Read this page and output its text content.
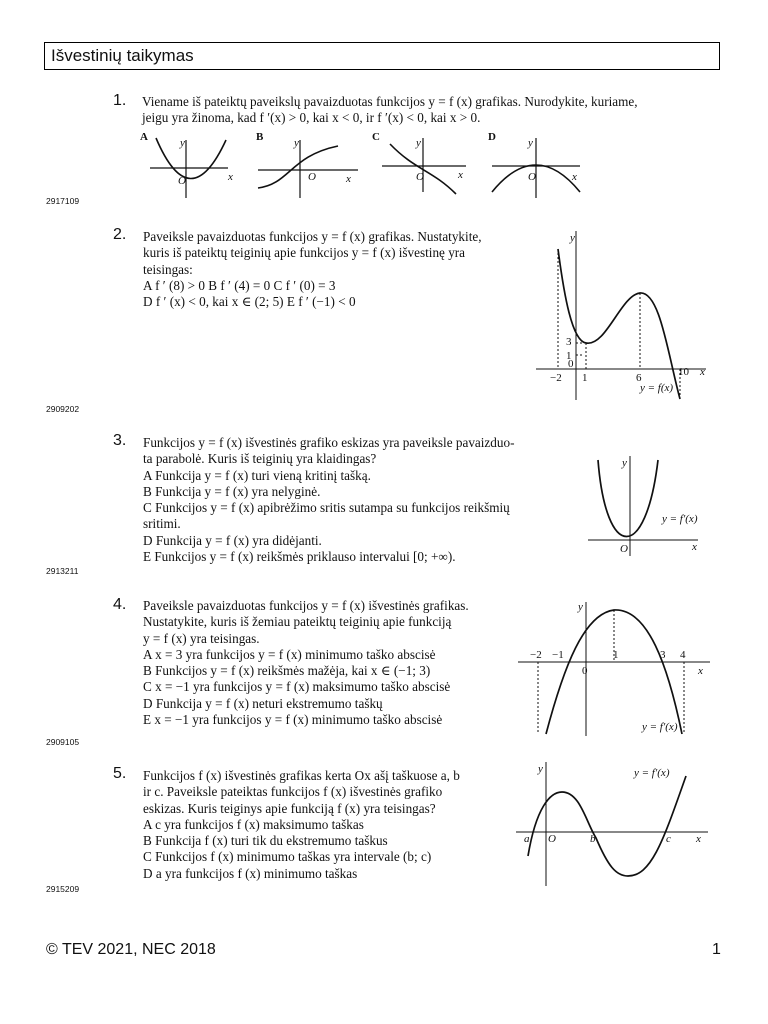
Išvestinių taikymas
1. Viename iš pateiktų paveikslų pavaizduotas funkcijos y = f (x) grafikas. Nurodykite, kuriame,

jeigu yra žinoma, kad f ′(x) > 0, kai x < 0, ir f ′(x) < 0, kai x > 0.

A	y
x
O
B	y
x
O
C	y
x
O
D	y
x
O
2917109
2. Paveiksle pavaizduotas funkcijos y = f (x) grafikas. Nustatykite,

kuris iš pateiktų teiginių apie funkcijos y = f (x) išvestinę yra

teisingas:

A f ′ (8) > 0 B f ′ (4) = 0 C f ′ (0) = 3

D f ′ (x) < 0, kai x ∈ (2; 5) E f ′ (−1) < 0

y
x
−2
0
1	6	10
3
1
y = f(x)
2909202
3. Funkcijos y = f (x) išvestinės grafiko eskizas yra paveiksle pavaizduo-

ta parabolė. Kuris iš teiginių yra klaidingas?

A Funkcija y = f (x) turi vieną kritinį tašką.

B Funkcija y = f (x) yra nelyginė.

C Funkcijos y = f (x) apibrėžimo sritis sutampa su funkcijos reikšmių

sritimi.

D Funkcija y = f (x) yra didėjanti.

E Funkcijos y = f (x) reikšmės priklauso intervalui [0; +∞).

y
x
O
y = f′(x)
2913211
4. Paveiksle pavaizduotas funkcijos y = f (x) išvestinės grafikas.

Nustatykite, kuris iš žemiau pateiktų teiginių apie funkciją

y = f (x) yra teisingas.

A x = 3 yra funkcijos y = f (x) minimumo taško abscisė

B Funkcijos y = f (x) reikšmės mažėja, kai x ∈ (−1; 3)

C x = −1 yra funkcijos y = f (x) maksimumo taško abscisė

D Funkcija y = f (x) neturi ekstremumo taškų

E x = −1 yra funkcijos y = f (x) minimumo taško abscisė

y
x
−2 −1
0
1	3 4
y = f′(x)
2909105
5. Funkcijos f (x) išvestinės grafikas kerta Ox ašį taškuose a, b

ir c. Paveiksle pateiktas funkcijos f (x) išvestinės grafiko

eskizas. Kuris teiginys apie funkciją f (x) yra teisingas?

A c yra funkcijos f (x) maksimumo taškas

B Funkcija f (x) turi tik du ekstremumo taškus

C Funkcijos f (x) minimumo taškas yra intervale (b; c)

D a yra funkcijos f (x) minimumo taškas

y
x
O
a	b	c
y = f′(x)
2915209
© TEV 2021, NEC 2018	1
